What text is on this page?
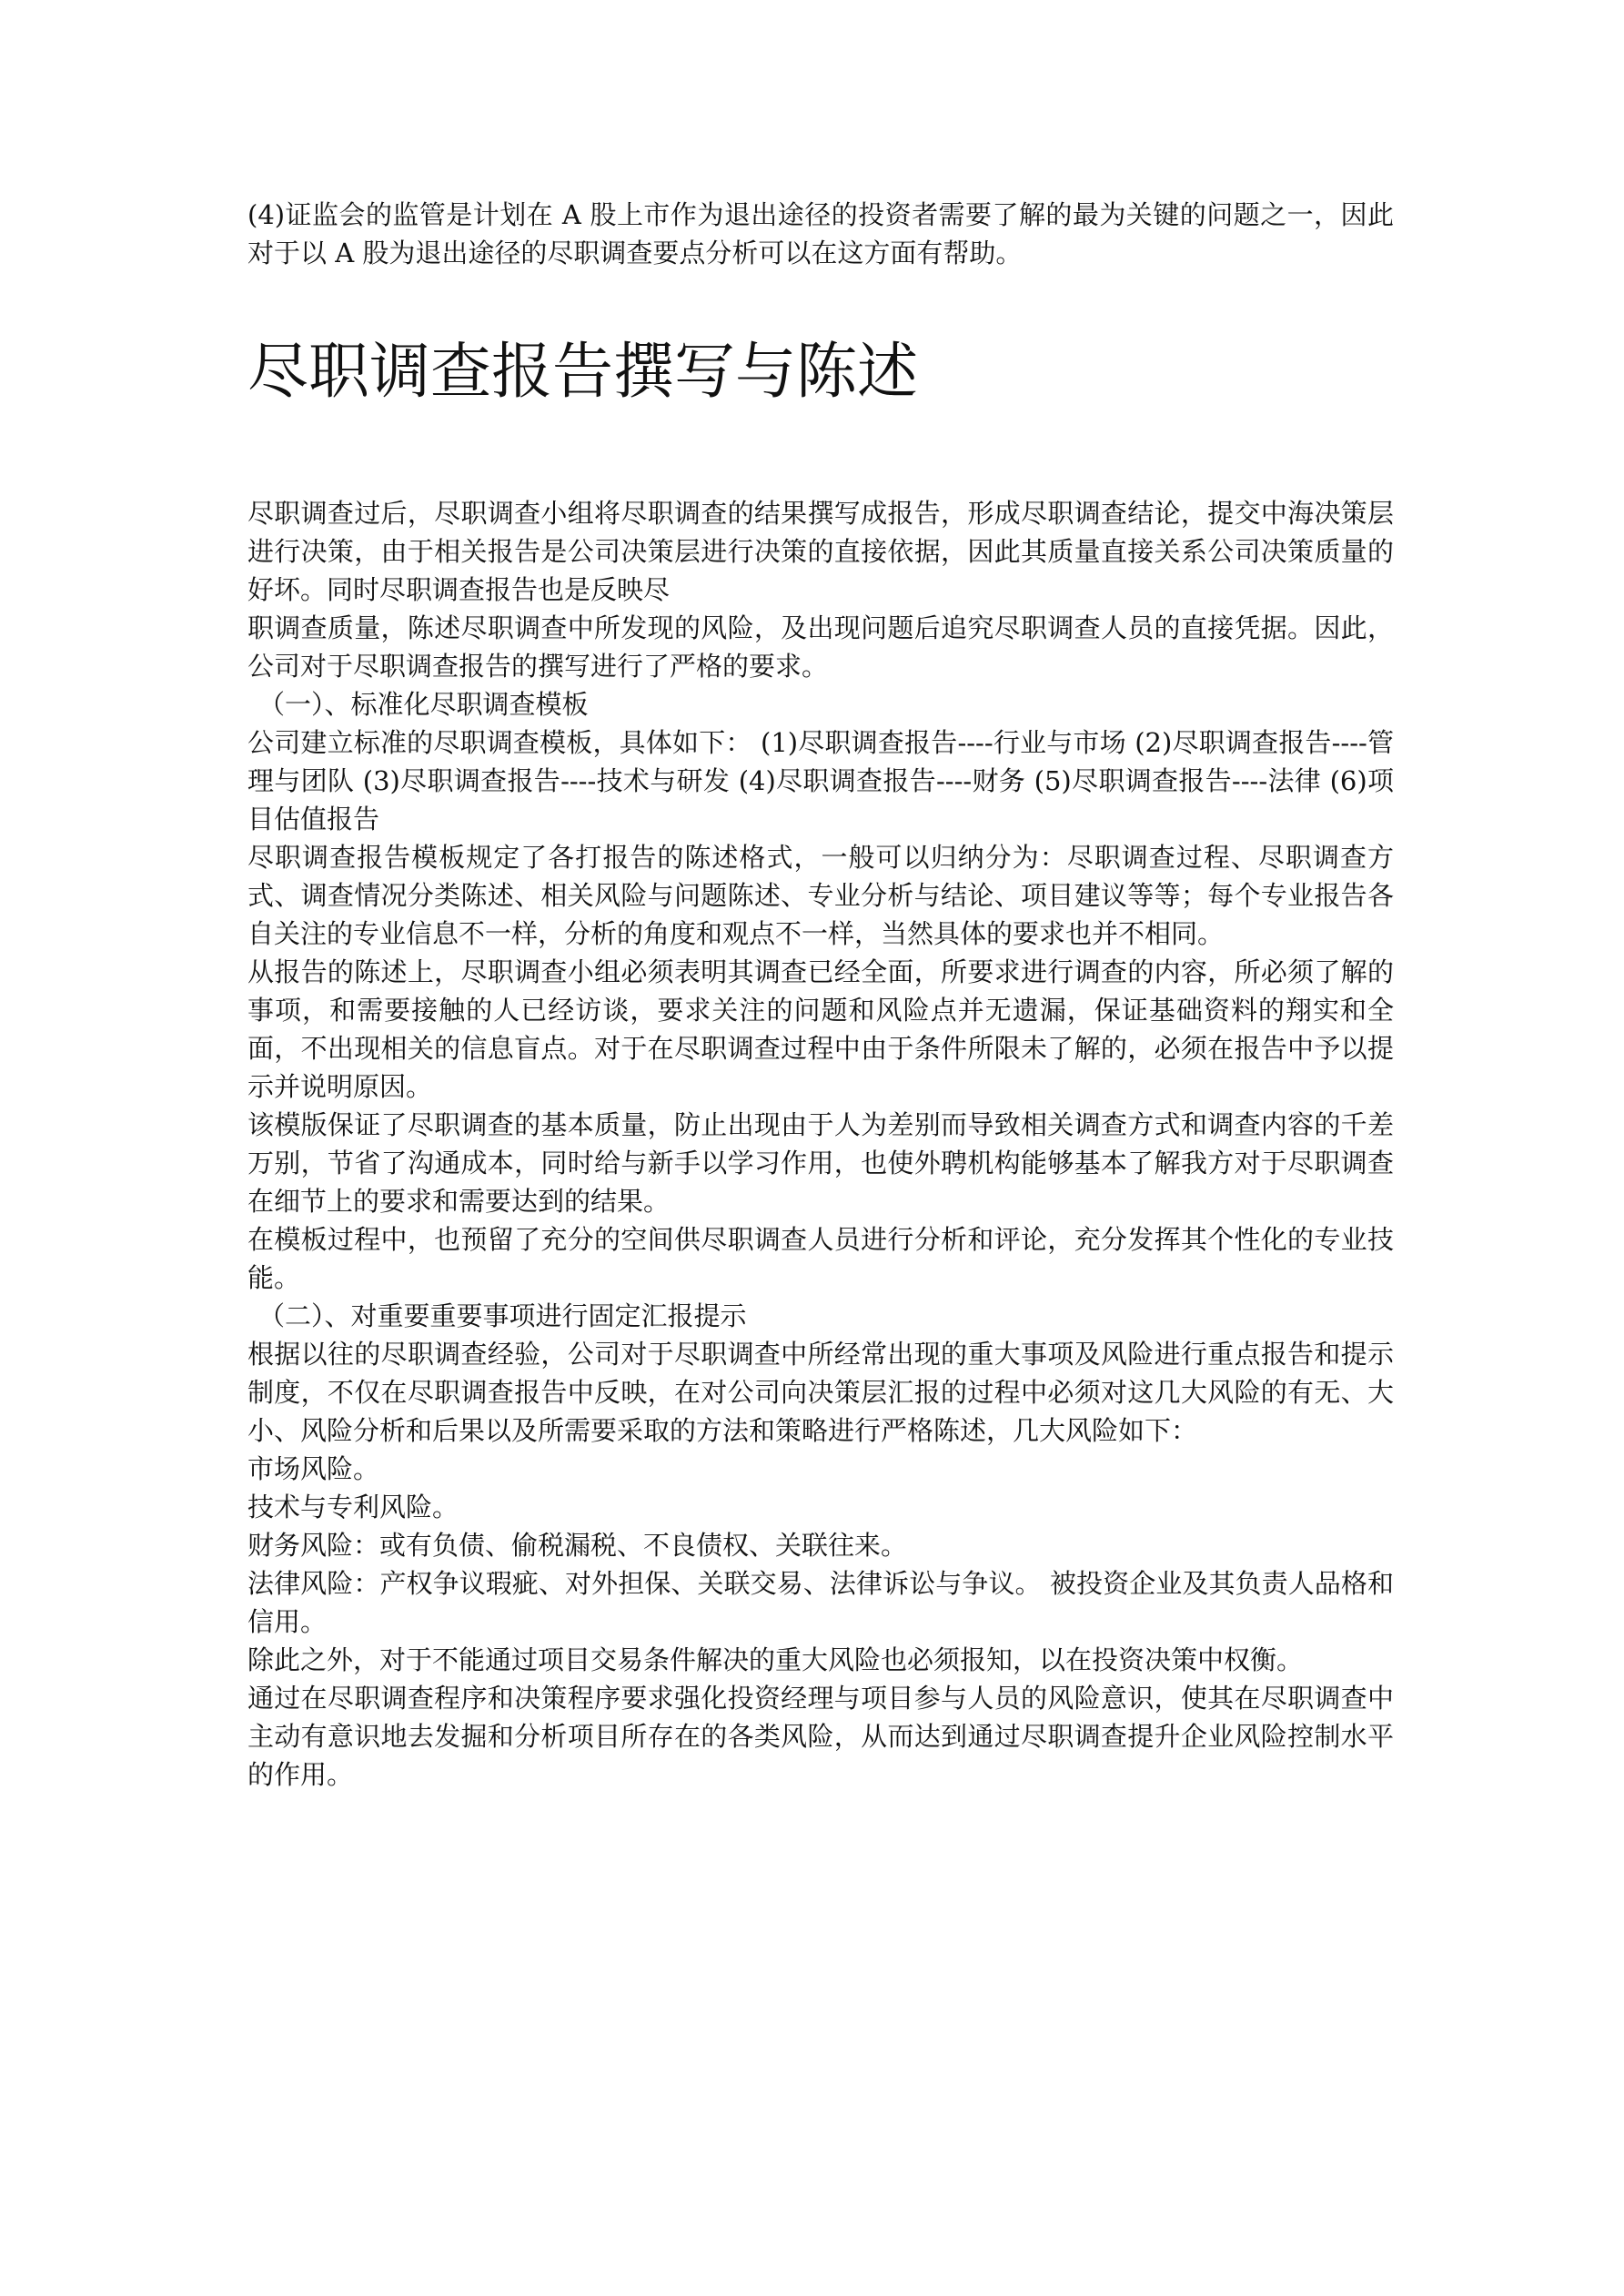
(4)证监会的监管是计划在 A 股上市作为退出途径的投资者需要了解的最为关键的问题之一，因此对于以 A 股为退出途径的尽职调查要点分析可以在这方面有帮助。

尽职调查报告撰写与陈述

尽职调查过后，尽职调查小组将尽职调查的结果撰写成报告，形成尽职调查结论，提交中海决策层进行决策，由于相关报告是公司决策层进行决策的直接依据，因此其质量直接关系公司决策质量的好坏。同时尽职调查报告也是反映尽

职调查质量，陈述尽职调查中所发现的风险，及出现问题后追究尽职调查人员的直接凭据。因此，公司对于尽职调查报告的撰写进行了严格的要求。

（一）、标准化尽职调查模板

公司建立标准的尽职调查模板，具体如下： (1)尽职调查报告----行业与市场 (2)尽职调查报告----管理与团队 (3)尽职调查报告----技术与研发 (4)尽职调查报告----财务 (5)尽职调查报告----法律 (6)项目估值报告

尽职调查报告模板规定了各打报告的陈述格式，一般可以归纳分为：尽职调查过程、尽职调查方式、调查情况分类陈述、相关风险与问题陈述、专业分析与结论、项目建议等等；每个专业报告各自关注的专业信息不一样，分析的角度和观点不一样，当然具体的要求也并不相同。

从报告的陈述上，尽职调查小组必须表明其调查已经全面，所要求进行调查的内容，所必须了解的事项，和需要接触的人已经访谈，要求关注的问题和风险点并无遗漏，保证基础资料的翔实和全面，不出现相关的信息盲点。对于在尽职调查过程中由于条件所限未了解的，必须在报告中予以提示并说明原因。

该模版保证了尽职调查的基本质量，防止出现由于人为差别而导致相关调查方式和调查内容的千差万别，节省了沟通成本，同时给与新手以学习作用，也使外聘机构能够基本了解我方对于尽职调查在细节上的要求和需要达到的结果。

在模板过程中，也预留了充分的空间供尽职调查人员进行分析和评论，充分发挥其个性化的专业技能。

（二）、对重要重要事项进行固定汇报提示

根据以往的尽职调查经验，公司对于尽职调查中所经常出现的重大事项及风险进行重点报告和提示制度，不仅在尽职调查报告中反映，在对公司向决策层汇报的过程中必须对这几大风险的有无、大小、风险分析和后果以及所需要采取的方法和策略进行严格陈述，几大风险如下：

市场风险。

技术与专利风险。

财务风险：或有负债、偷税漏税、不良债权、关联往来。

法律风险：产权争议瑕疵、对外担保、关联交易、法律诉讼与争议。 被投资企业及其负责人品格和信用。

除此之外，对于不能通过项目交易条件解决的重大风险也必须报知，以在投资决策中权衡。

通过在尽职调查程序和决策程序要求强化投资经理与项目参与人员的风险意识，使其在尽职调查中主动有意识地去发掘和分析项目所存在的各类风险，从而达到通过尽职调查提升企业风险控制水平的作用。
